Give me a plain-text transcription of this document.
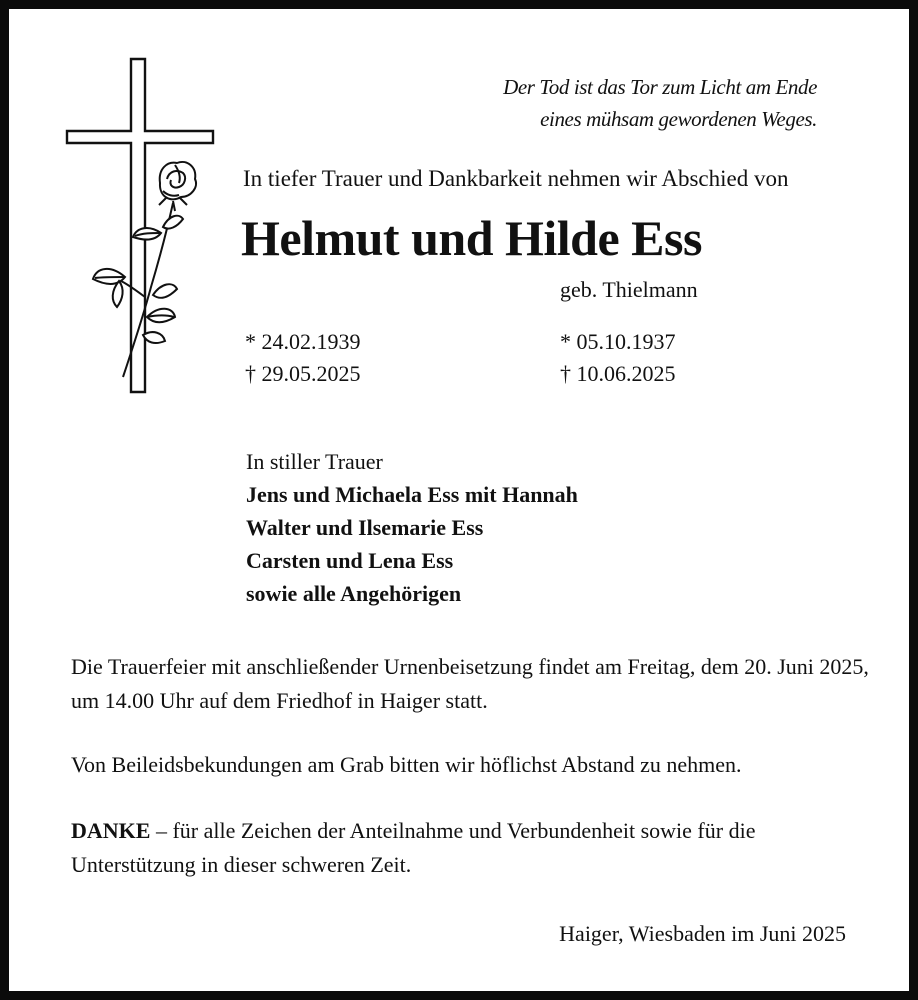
Der Tod ist das Tor zum Licht am Ende
eines mühsam gewordenen Weges.
In tiefer Trauer und Dankbarkeit nehmen wir Abschied von
Helmut und Hilde Ess
geb. Thielmann
* 24.02.1939
† 29.05.2025
* 05.10.1937
† 10.06.2025
In stiller Trauer
Jens und Michaela Ess mit Hannah
Walter und Ilsemarie Ess
Carsten und Lena Ess
sowie alle Angehörigen
Die Trauerfeier mit anschließender Urnenbeisetzung findet am Freitag, dem 20. Juni 2025, um 14.00 Uhr auf dem Friedhof in Haiger statt.
Von Beileidsbekundungen am Grab bitten wir höflichst Abstand zu nehmen.
DANKE – für alle Zeichen der Anteilnahme und Verbundenheit sowie für die Unterstützung in dieser schweren Zeit.
Haiger, Wiesbaden im Juni 2025
